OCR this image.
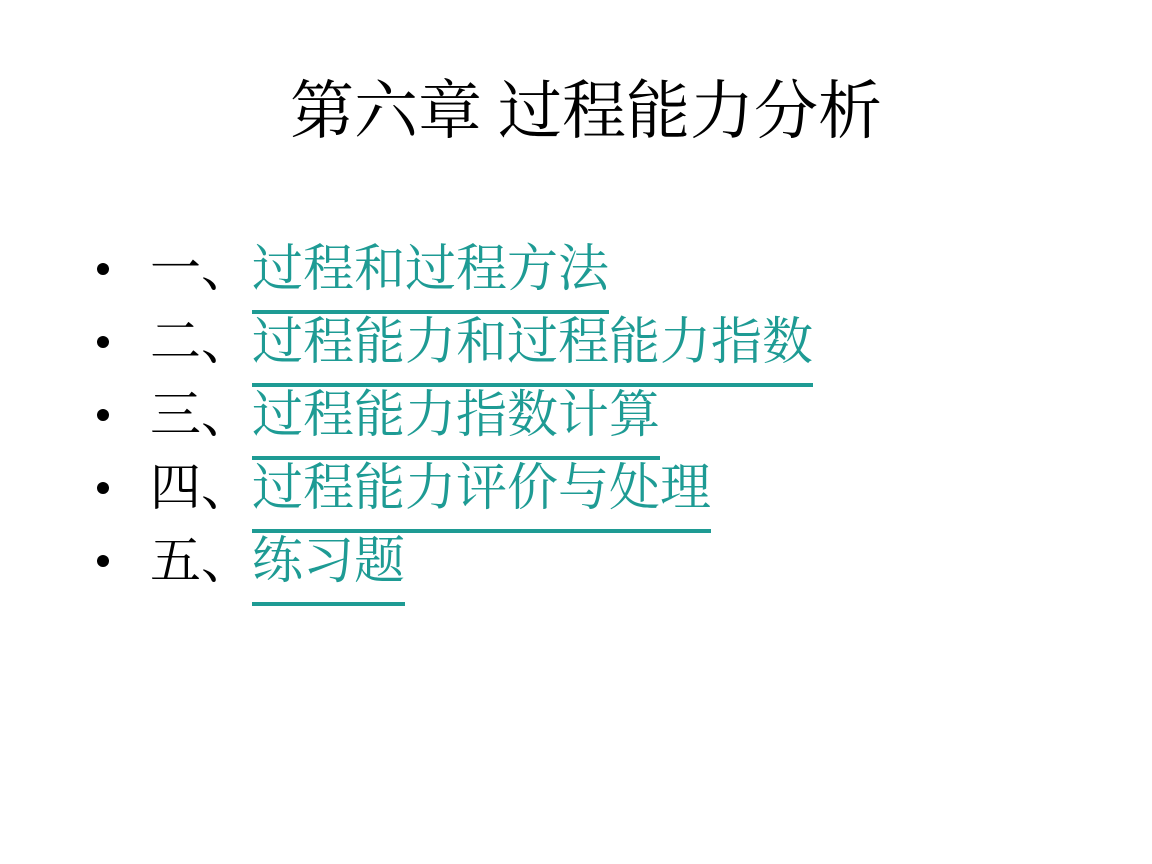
第六章 过程能力分析
一、 过程和过程方法
二、 过程能力和过程能力指数
三、 过程能力指数计算
四、 过程能力评价与处理
五、 练习题
